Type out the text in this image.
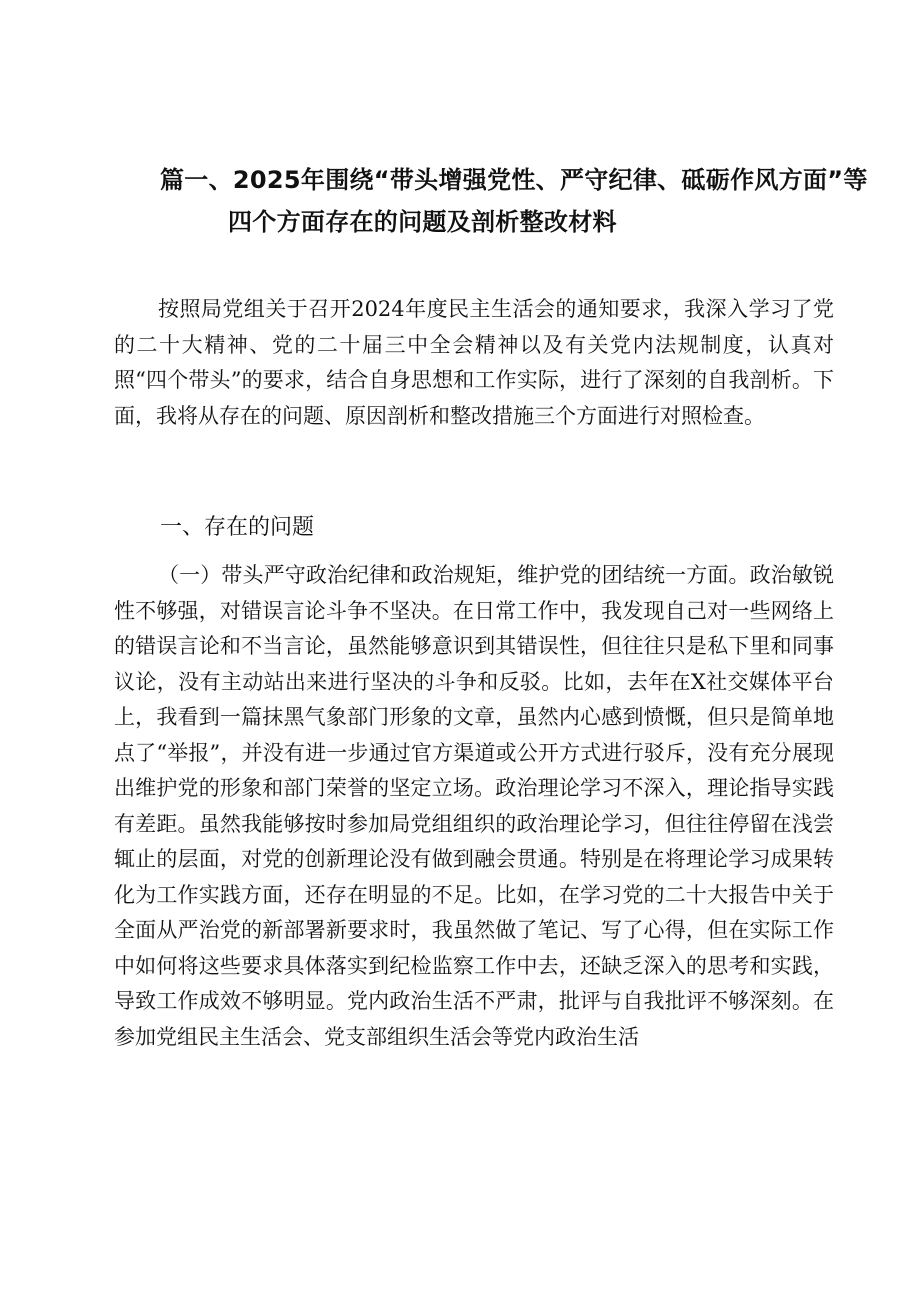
篇一、2025年围绕“带头增强党性、严守纪律、砥砺作风方面”等
四个方面存在的问题及剖析整改材料
按照局党组关于召开2024年度民主生活会的通知要求，我深入学习了党的二十大精神、党的二十届三中全会精神以及有关党内法规制度，认真对照“四个带头”的要求，结合自身思想和工作实际，进行了深刻的自我剖析。下面，我将从存在的问题、原因剖析和整改措施三个方面进行对照检查。
一、存在的问题
（一）带头严守政治纪律和政治规矩，维护党的团结统一方面。政治敏锐性不够强，对错误言论斗争不坚决。在日常工作中，我发现自己对一些网络上的错误言论和不当言论，虽然能够意识到其错误性，但往往只是私下里和同事议论，没有主动站出来进行坚决的斗争和反驳。比如，去年在X社交媒体平台上，我看到一篇抹黑气象部门形象的文章，虽然内心感到愤慨，但只是简单地点了“举报”，并没有进一步通过官方渠道或公开方式进行驳斥，没有充分展现出维护党的形象和部门荣誉的坚定立场。政治理论学习不深入，理论指导实践有差距。虽然我能够按时参加局党组组织的政治理论学习，但往往停留在浅尝辄止的层面，对党的创新理论没有做到融会贯通。特别是在将理论学习成果转化为工作实践方面，还存在明显的不足。比如，在学习党的二十大报告中关于全面从严治党的新部署新要求时，我虽然做了笔记、写了心得，但在实际工作中如何将这些要求具体落实到纪检监察工作中去，还缺乏深入的思考和实践，导致工作成效不够明显。党内政治生活不严肃，批评与自我批评不够深刻。在参加党组民主生活会、党支部组织生活会等党内政治生活
